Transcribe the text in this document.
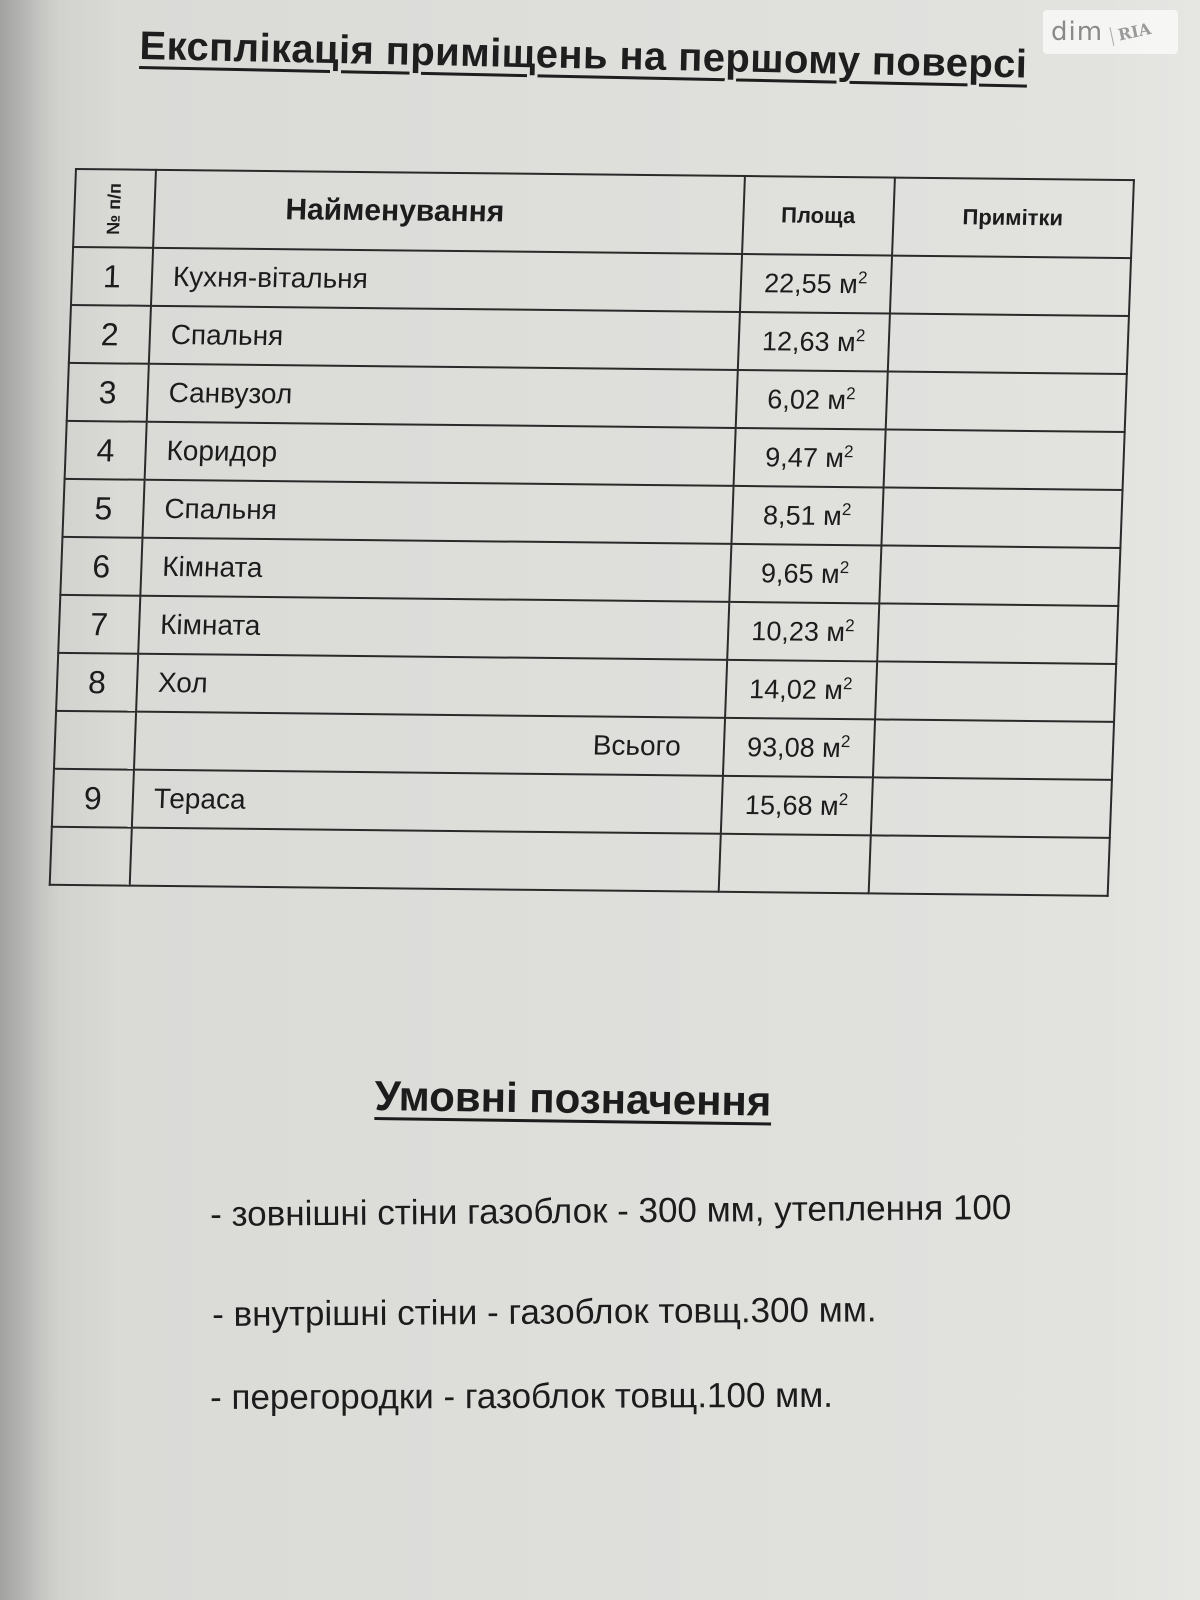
dim RIA
Експлікація приміщень на першому поверсі
№ п/п	Найменування	Площа	Примітки
1	Кухня-вітальня	22,55 $м^2$	
2	Спальня	12,63 $м^2$	
3	Санвузол	6,02 $м^2$	
4	Коридор	9,47 $м^2$	
5	Спальня	8,51 $м^2$	
6	Кімната	9,65 $м^2$	
7	Кімната	10,23 $м^2$	
8	Хол	14,02 $м^2$	
	Всього	93,08 $м^2$	
9	Тераса	15,68 $м^2$	

Умовні позначення
- зовнішні стіни газоблок - 300 мм, утеплення 100
- внутрішні стіни - газоблок товщ.300 мм.
- перегородки - газоблок товщ.100 мм.
